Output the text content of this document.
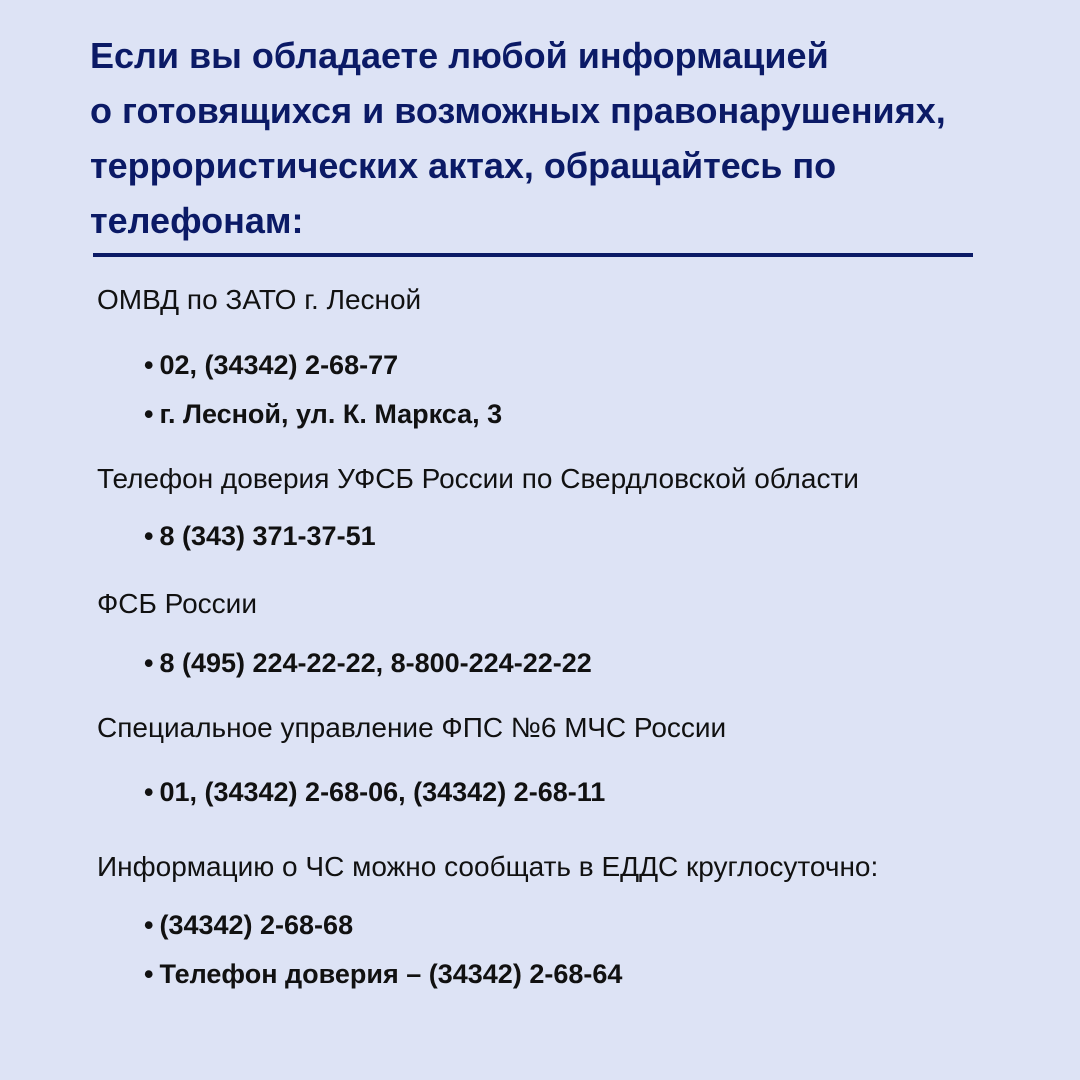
Если вы обладаете любой информацией
о готовящихся и возможных правонарушениях,
террористических актах, обращайтесь по
телефонам:
ОМВД по ЗАТО г. Лесной
• 02, (34342) 2-68-77
• г. Лесной, ул. К. Маркса, 3
Телефон доверия УФСБ России по Свердловской области
• 8 (343) 371-37-51
ФСБ России
• 8 (495) 224-22-22, 8-800-224-22-22
Специальное управление ФПС №6 МЧС России
• 01, (34342) 2-68-06, (34342) 2-68-11
Информацию о ЧС можно сообщать в ЕДДС круглосуточно:
• (34342) 2-68-68
• Телефон доверия – (34342) 2-68-64
